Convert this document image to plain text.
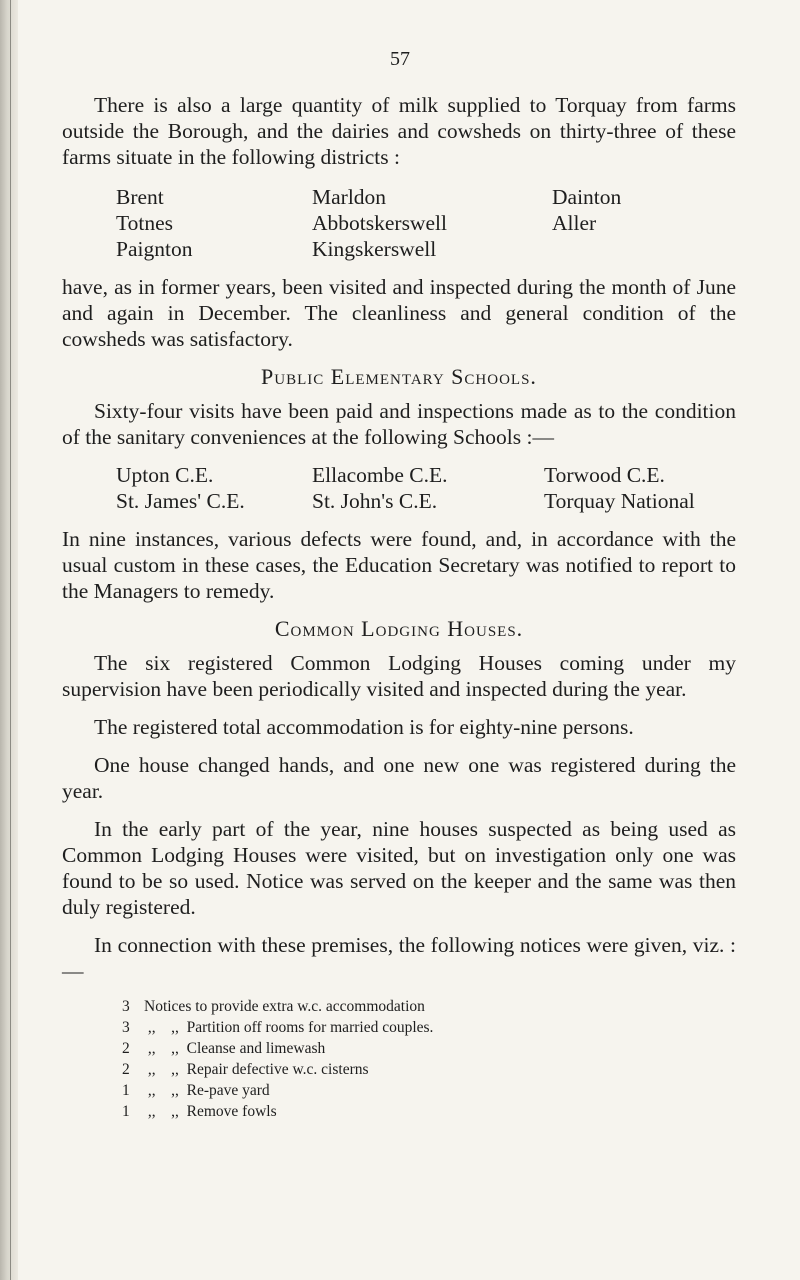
57

There is also a large quantity of milk supplied to Torquay from farms outside the Borough, and the dairies and cowsheds on thirty-three of these farms situate in the following districts :

Brent	Marldon	Dainton
Totnes	Abbotskerswell	Aller
Paignton	Kingskerswell

have, as in former years, been visited and inspected during the month of June and again in December. The cleanliness and general condition of the cowsheds was satisfactory.

Public Elementary Schools.

Sixty-four visits have been paid and inspections made as to the condition of the sanitary conveniences at the following Schools :—

Upton C.E.	Ellacombe C.E.	Torwood C.E.
St. James' C.E.	St. John's C.E.	Torquay National

In nine instances, various defects were found, and, in accordance with the usual custom in these cases, the Education Secretary was notified to report to the Managers to remedy.

Common Lodging Houses.

The six registered Common Lodging Houses coming under my supervision have been periodically visited and inspected during the year.

The registered total accommodation is for eighty-nine persons.

One house changed hands, and one new one was registered during the year.

In the early part of the year, nine houses suspected as being used as Common Lodging Houses were visited, but on investigation only one was found to be so used. Notice was served on the keeper and the same was then duly registered.

In connection with these premises, the following notices were given, viz. :—

3 Notices to provide extra w.c. accommodation
3 ,,    ,,  Partition off rooms for married couples.
2 ,,    ,,  Cleanse and limewash
2 ,,    ,,  Repair defective w.c. cisterns
1 ,,    ,,  Re-pave yard
1 ,,    ,,  Remove fowls
